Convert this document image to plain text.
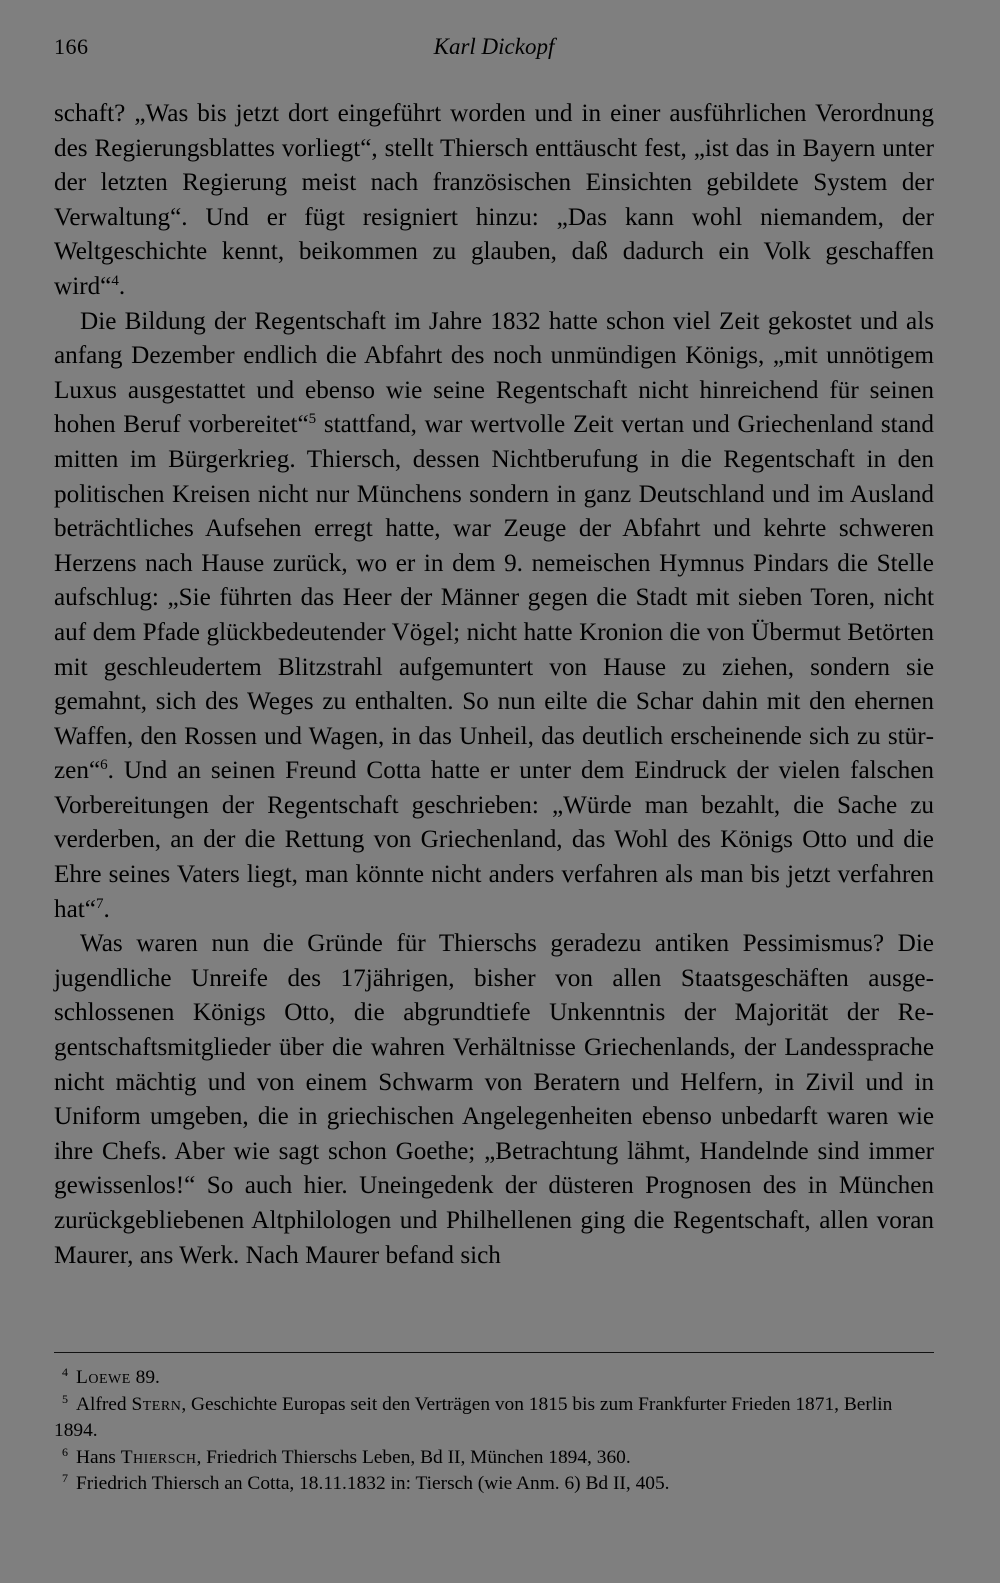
166	Karl Dickopf

schaft? „Was bis jetzt dort eingeführt worden und in einer ausführlichen Verordnung des Regierungsblattes vorliegt“, stellt Thiersch enttäuscht fest, „ist das in Bayern unter der letzten Regierung meist nach französischen Einsichten gebildete System der Verwaltung“. Und er fügt resigniert hinzu: „Das kann wohl niemandem, der Weltgeschichte kennt, beikommen zu glauben, daß dadurch ein Volk geschaffen wird“$^4$.

Die Bildung der Regentschaft im Jahre 1832 hatte schon viel Zeit gekostet und als anfang Dezember endlich die Abfahrt des noch unmündigen Königs, „mit unnötigem Luxus ausgestattet und ebenso wie seine Regentschaft nicht hinreichend für seinen hohen Beruf vorbereitet“$^5$ stattfand, war wertvolle Zeit vertan und Griechenland stand mitten im Bürgerkrieg. Thiersch, dessen Nichtberufung in die Regentschaft in den politischen Kreisen nicht nur Münchens sondern in ganz Deutschland und im Ausland beträchtliches Aufsehen erregt hatte, war Zeuge der Abfahrt und kehrte schweren Herzens nach Hause zurück, wo er in dem 9. nemeischen Hymnus Pindars die Stelle aufschlug: „Sie führten das Heer der Männer gegen die Stadt mit sieben Toren, nicht auf dem Pfade glückbedeutender Vögel; nicht hatte Kronion die von Übermut Betörten mit geschleudertem Blitzstrahl aufgemuntert von Hause zu ziehen, sondern sie gemahnt, sich des Weges zu enthalten. So nun eilte die Schar dahin mit den ehernen Waffen, den Rossen und Wagen, in das Unheil, das deutlich erscheinende sich zu stürzen“$^6$. Und an seinen Freund Cotta hatte er unter dem Eindruck der vielen falschen Vorbereitungen der Regentschaft geschrieben: „Würde man bezahlt, die Sache zu verderben, an der die Rettung von Griechenland, das Wohl des Königs Otto und die Ehre seines Vaters liegt, man könnte nicht anders verfahren als man bis jetzt verfahren hat“$^7$.

Was waren nun die Gründe für Thierschs geradezu antiken Pessimismus? Die jugendliche Unreife des 17jährigen, bisher von allen Staatsgeschäften ausgeschlossenen Königs Otto, die abgrundtiefe Unkenntnis der Majorität der Regentschaftsmitglieder über die wahren Verhältnisse Griechenlands, der Landessprache nicht mächtig und von einem Schwarm von Beratern und Helfern, in Zivil und in Uniform umgeben, die in griechischen Angelegenheiten ebenso unbedarft waren wie ihre Chefs. Aber wie sagt schon Goethe; „Betrachtung lähmt, Handelnde sind immer gewissenlos!“ So auch hier. Uneingedenk der düsteren Prognosen des in München zurückgebliebenen Altphilologen und Philhellenen ging die Regentschaft, allen voran Maurer, ans Werk. Nach Maurer befand sich

$^4$ Loewe 89.

$^5$ Alfred Stern, Geschichte Europas seit den Verträgen von 1815 bis zum Frankfurter Frieden 1871, Berlin 1894.

$^6$ Hans Thiersch, Friedrich Thierschs Leben, Bd II, München 1894, 360.

$^7$ Friedrich Thiersch an Cotta, 18.11.1832 in: Tiersch (wie Anm. 6) Bd II, 405.
